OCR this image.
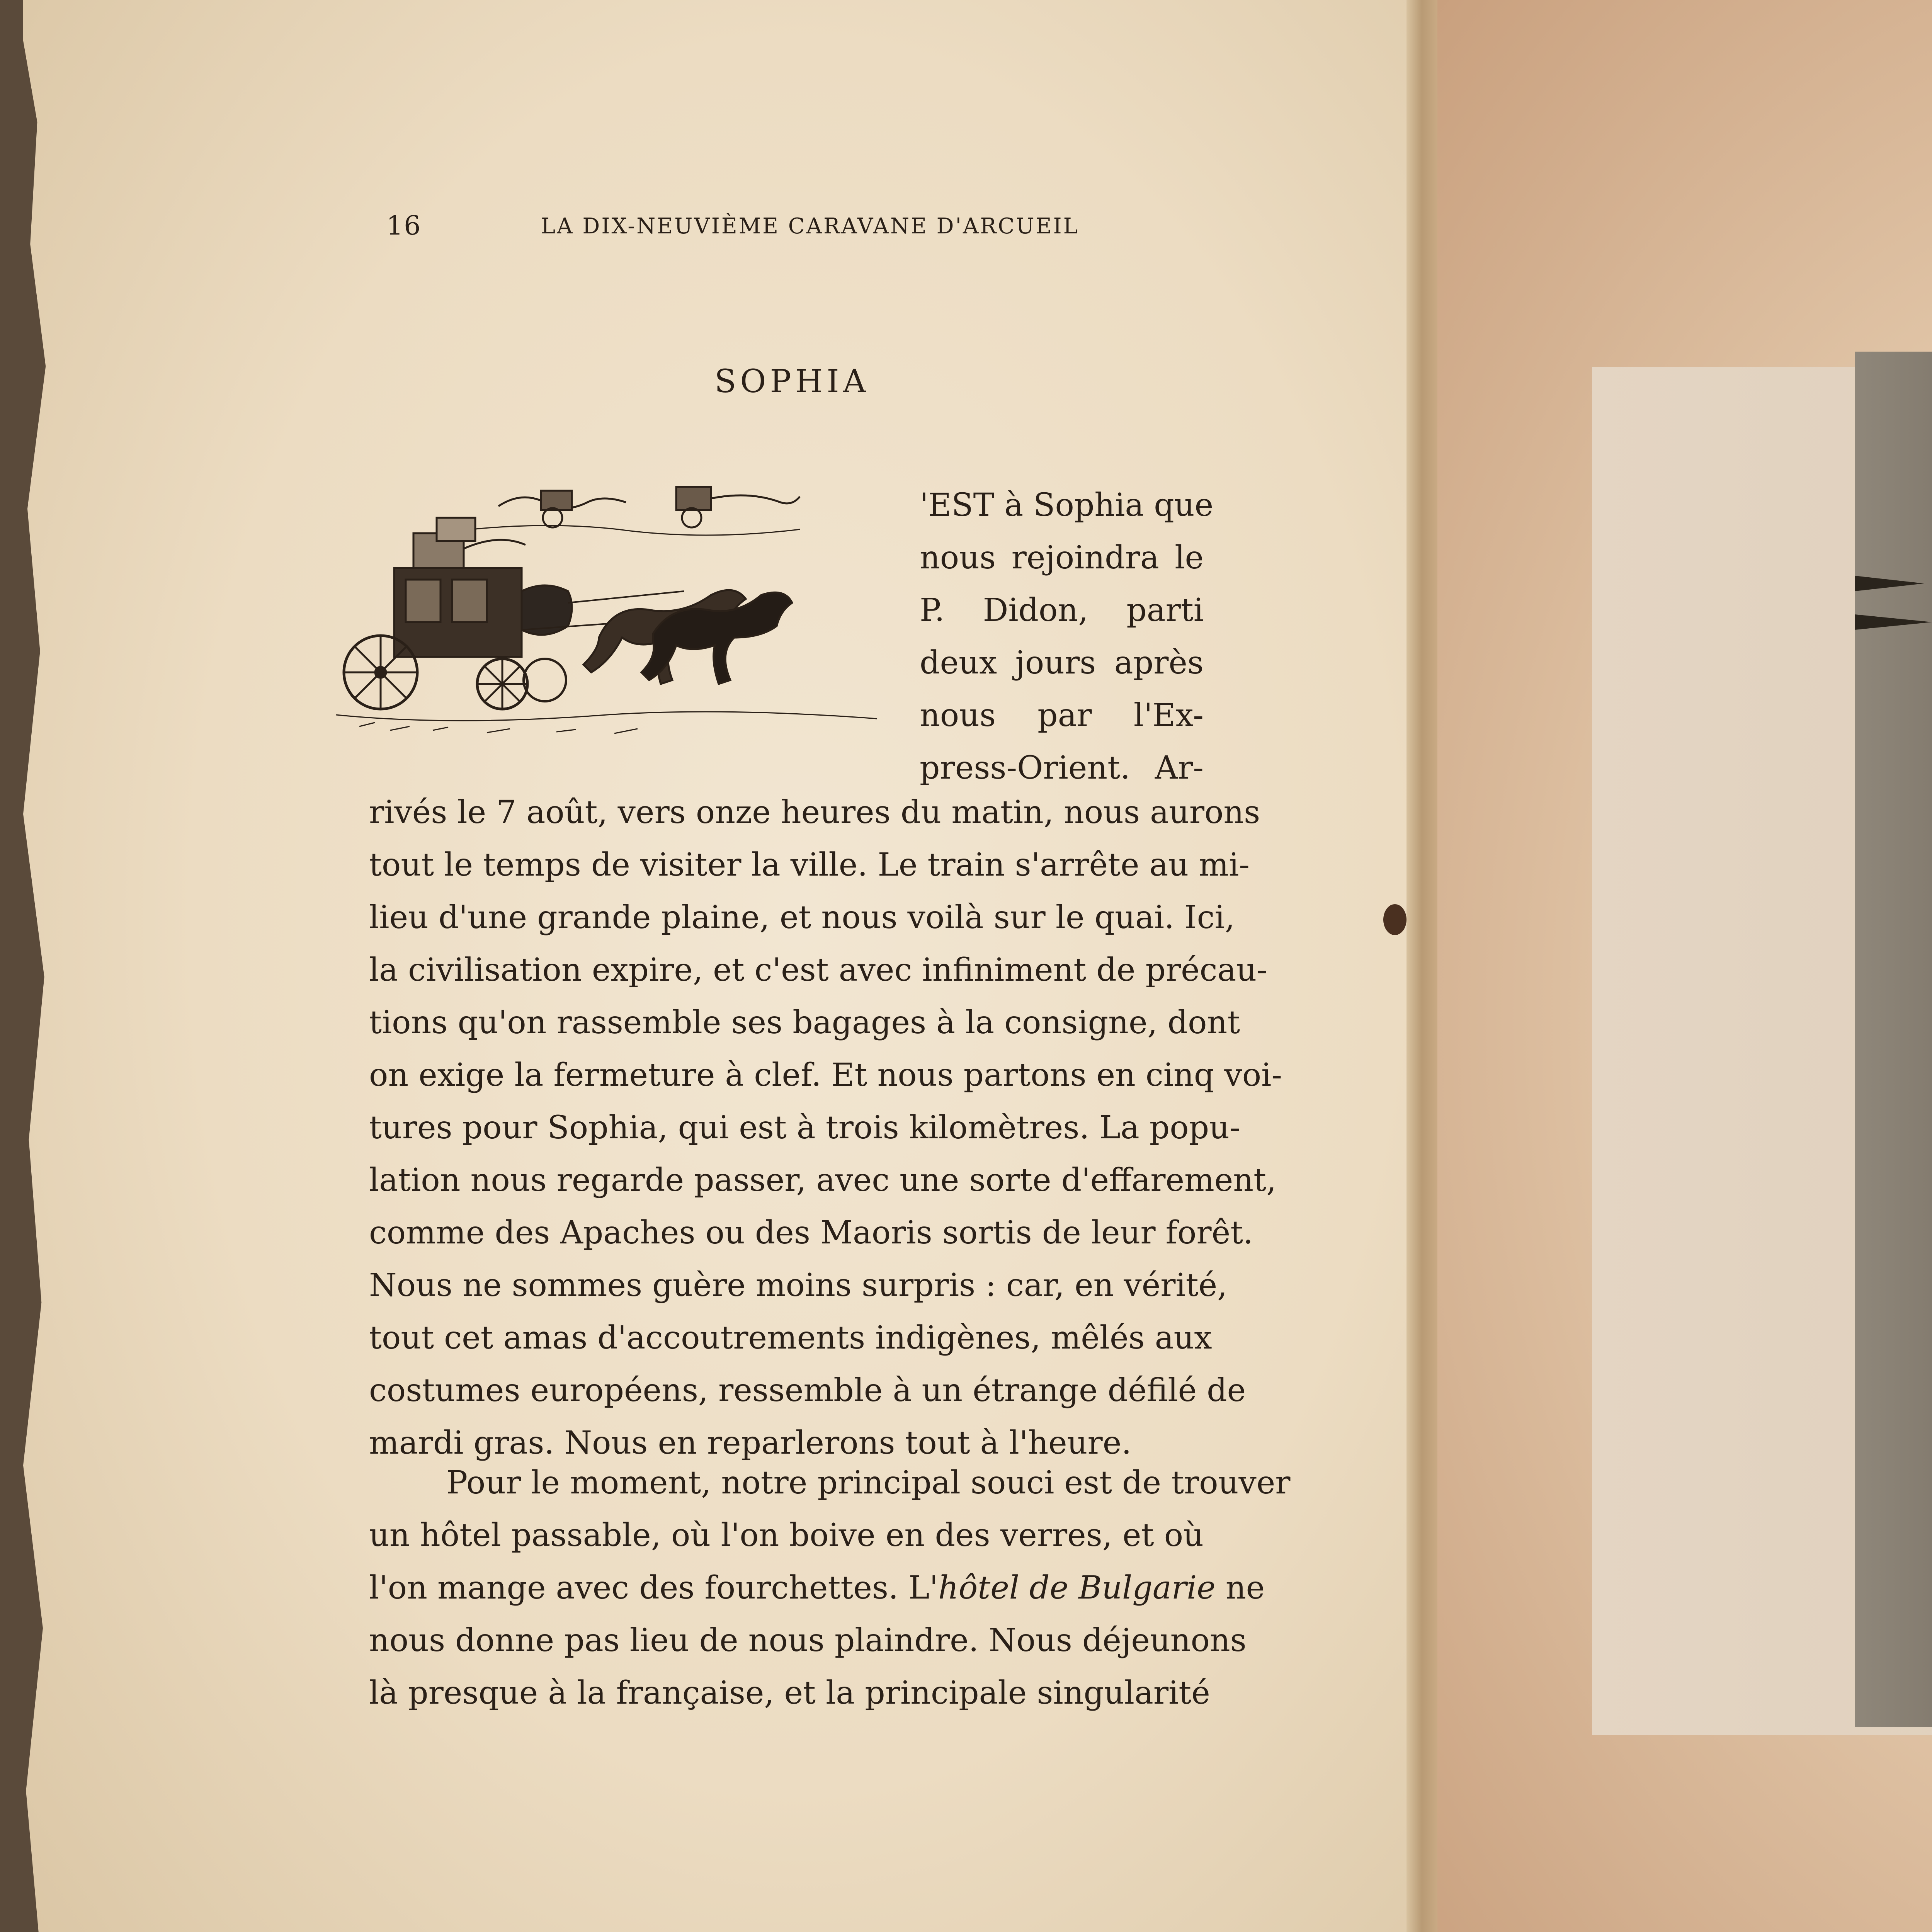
16	LA DIX-NEUVIÈME CARAVANE D'ARCUEIL
SOPHIA
'EST à Sophia que
nous rejoindra le
P. Didon, parti
deux jours après
nous par l'Ex-
press-Orient. Ar-
rivés le 7 août, vers onze heures du matin, nous aurons
tout le temps de visiter la ville. Le train s'arrête au mi-
lieu d'une grande plaine, et nous voilà sur le quai. Ici,
la civilisation expire, et c'est avec infiniment de précau-
tions qu'on rassemble ses bagages à la consigne, dont
on exige la fermeture à clef. Et nous partons en cinq voi-
tures pour Sophia, qui est à trois kilomètres. La popu-
lation nous regarde passer, avec une sorte d'effarement,
comme des Apaches ou des Maoris sortis de leur forêt.
Nous ne sommes guère moins surpris : car, en vérité,
tout cet amas d'accoutrements indigènes, mêlés aux
costumes européens, ressemble à un étrange défilé de
mardi gras. Nous en reparlerons tout à l'heure.
Pour le moment, notre principal souci est de trouver
un hôtel passable, où l'on boive en des verres, et où
l'on mange avec des fourchettes. L'hôtel de Bulgarie ne
nous donne pas lieu de nous plaindre. Nous déjeunons
là presque à la française, et la principale singularité
